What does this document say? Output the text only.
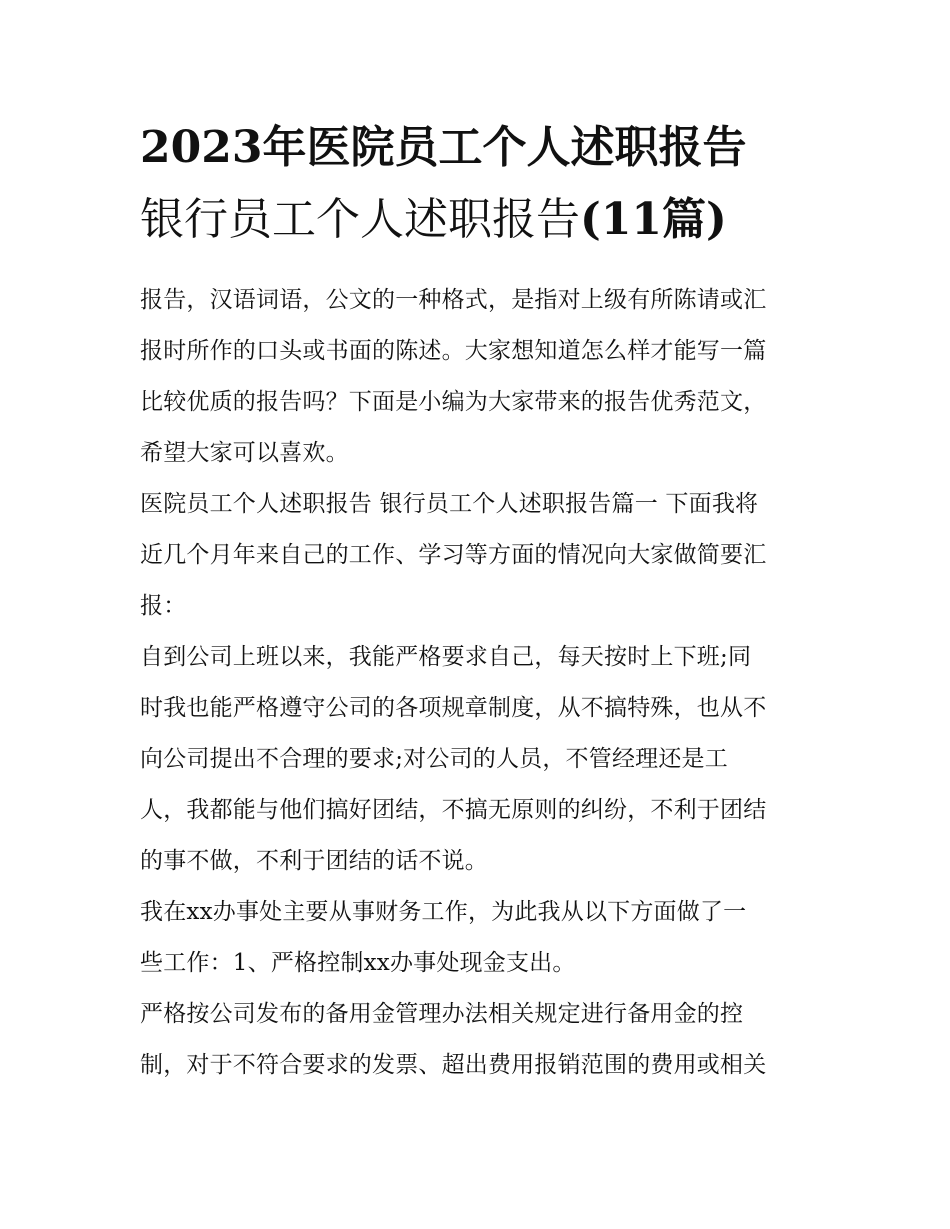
2023年医院员工个人述职报告
银行员工个人述职报告(11篇)

报告，汉语词语，公文的一种格式，是指对上级有所陈请或汇
报时所作的口头或书面的陈述。大家想知道怎么样才能写一篇
比较优质的报告吗？下面是小编为大家带来的报告优秀范文，
希望大家可以喜欢。

医院员工个人述职报告 银行员工个人述职报告篇一 下面我将
近几个月年来自己的工作、学习等方面的情况向大家做简要汇
报：

自到公司上班以来，我能严格要求自己，每天按时上下班;同
时我也能严格遵守公司的各项规章制度，从不搞特殊，也从不
向公司提出不合理的要求;对公司的人员，不管经理还是工
人，我都能与他们搞好团结，不搞无原则的纠纷，不利于团结
的事不做，不利于团结的话不说。

我在xx办事处主要从事财务工作，为此我从以下方面做了一
些工作：1、严格控制xx办事处现金支出。

严格按公司发布的备用金管理办法相关规定进行备用金的控
制，对于不符合要求的发票、超出费用报销范围的费用或相关
